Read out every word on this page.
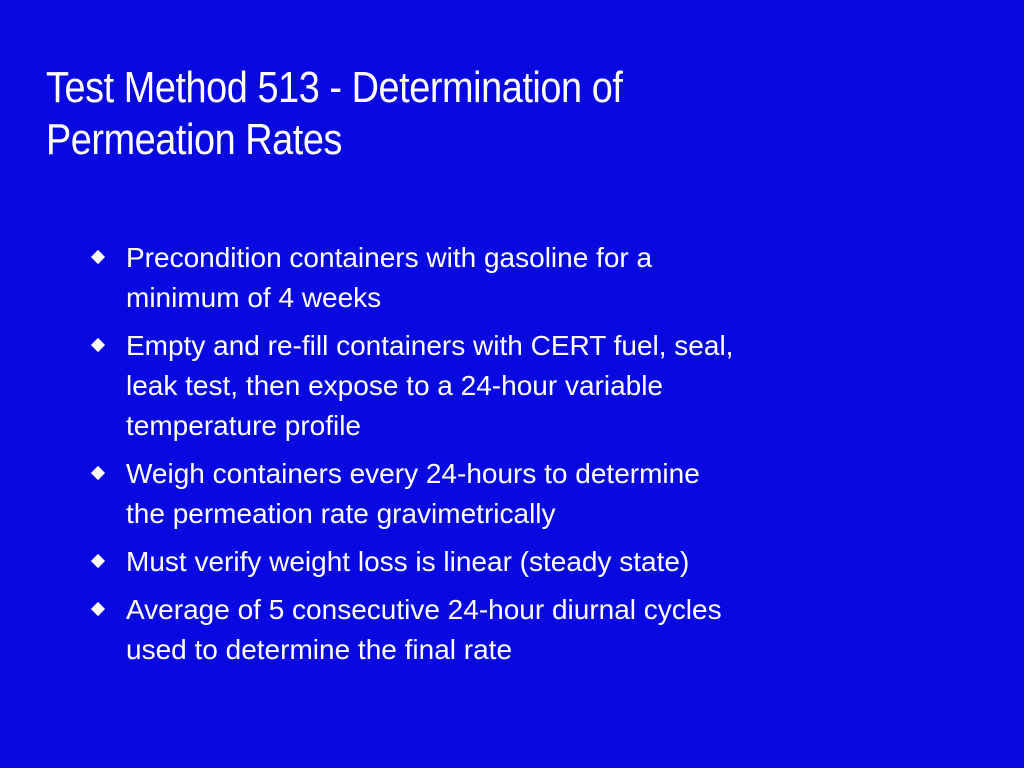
Test Method 513 - Determination of
Permeation Rates
Precondition containers with gasoline for a
minimum of 4 weeks
Empty and re-fill containers with CERT fuel, seal,
leak test, then expose to a 24-hour variable
temperature profile
Weigh containers every 24-hours to determine
the permeation rate gravimetrically
Must verify weight loss is linear (steady state)
Average of 5 consecutive 24-hour diurnal cycles
used to determine the final rate
